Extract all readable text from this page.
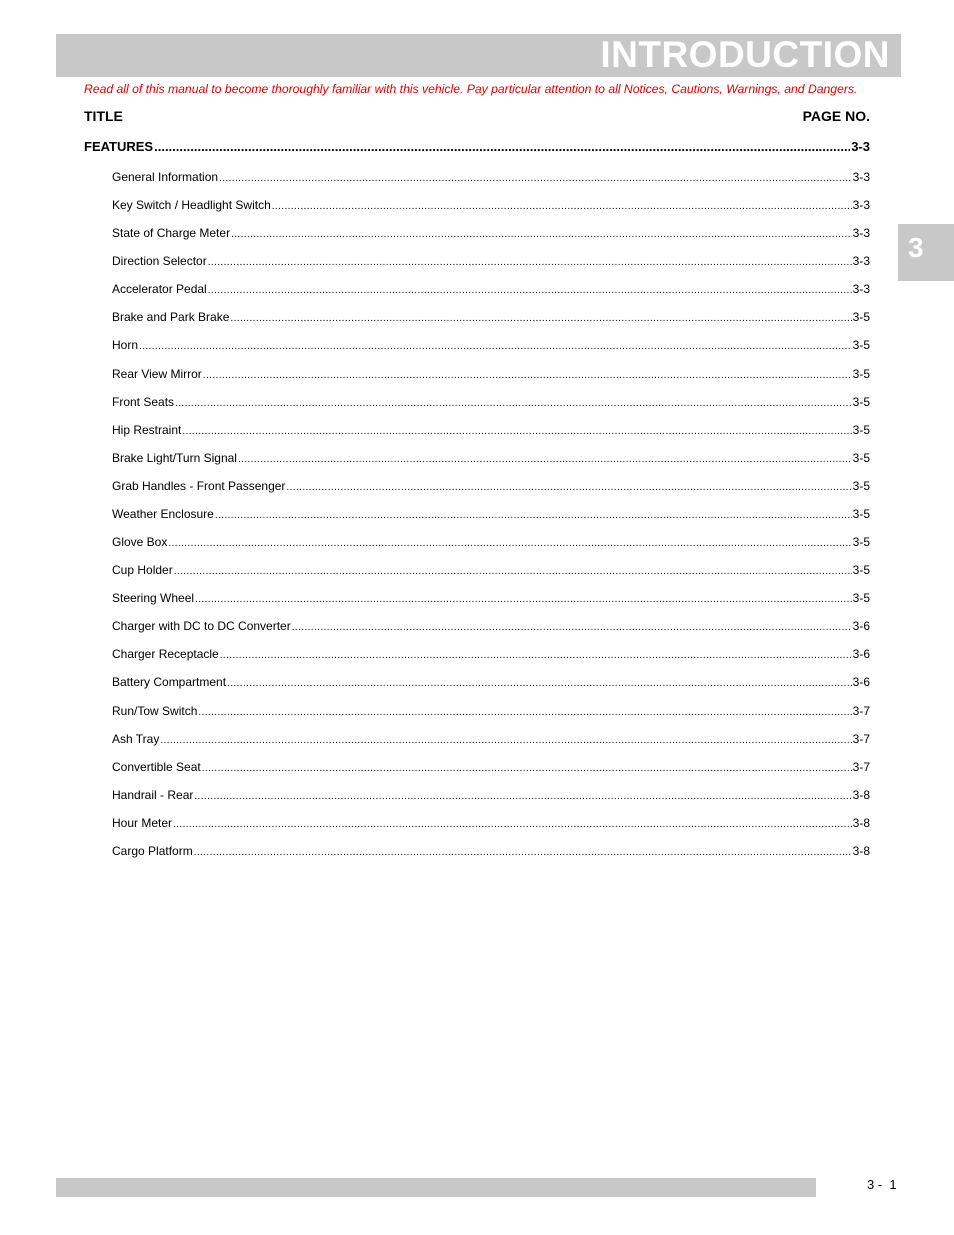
INTRODUCTION
Read all of this manual to become thoroughly familiar with this vehicle. Pay particular attention to all Notices, Cautions, Warnings, and Dangers.
TITLE	PAGE NO.
FEATURES .....	3-3
General Information .....	3-3
Key Switch / Headlight Switch .....	3-3
State of Charge Meter .....	3-3
Direction Selector .....	3-3
Accelerator Pedal .....	3-3
Brake and Park Brake .....	3-5
Horn .....	3-5
Rear View Mirror .....	3-5
Front Seats .....	3-5
Hip Restraint .....	3-5
Brake Light/Turn Signal .....	3-5
Grab Handles - Front Passenger .....	3-5
Weather Enclosure .....	3-5
Glove Box .....	3-5
Cup Holder .....	3-5
Steering Wheel .....	3-5
Charger with DC to DC Converter .....	3-6
Charger Receptacle .....	3-6
Battery Compartment .....	3-6
Run/Tow Switch .....	3-7
Ash Tray .....	3-7
Convertible Seat .....	3-7
Handrail - Rear .....	3-8
Hour Meter .....	3-8
Cargo Platform .....	3-8
3
3 -  1
